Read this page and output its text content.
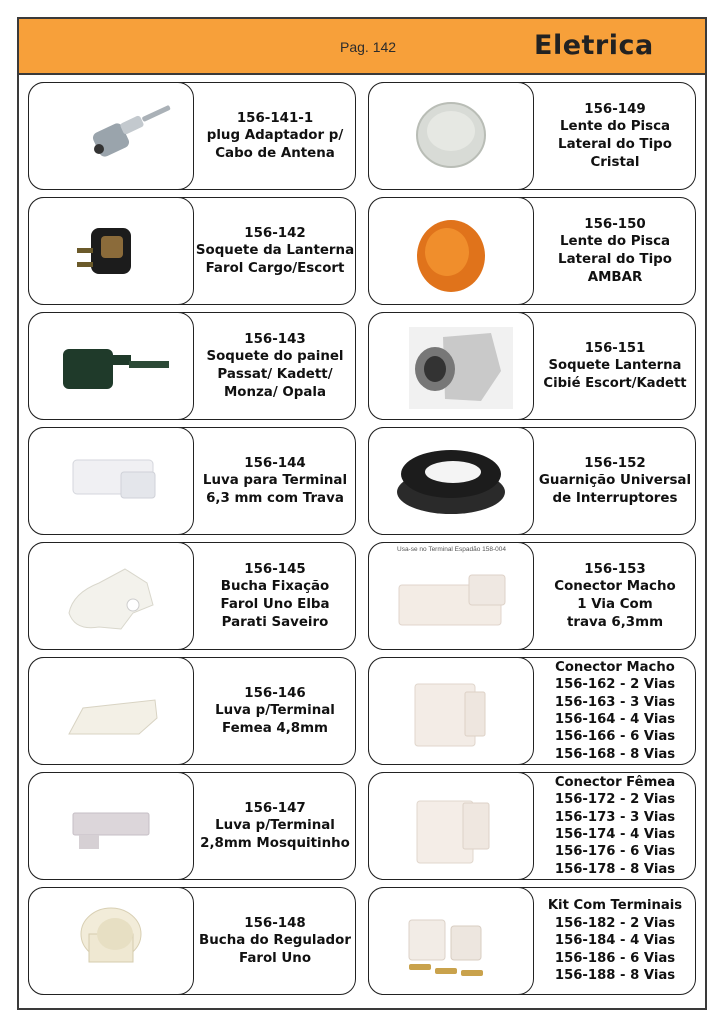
Pag. 142	Eletrica
156-141-1
plug Adaptador p/
Cabo de Antena
156-149
Lente do Pisca
Lateral do Tipo
Cristal
156-142
Soquete da Lanterna
Farol Cargo/Escort
156-150
Lente do Pisca
Lateral do Tipo
AMBAR
156-143
Soquete do painel
Passat/ Kadett/
Monza/ Opala
156-151
Soquete Lanterna
Cibié Escort/Kadett
156-144
Luva para Terminal
6,3 mm com Trava
156-152
Guarnição Universal
de Interruptores
156-145
Bucha Fixação
Farol Uno Elba
Parati Saveiro
Usa-se no Terminal Espadão 158-004
156-153
Conector Macho
1 Via Com
trava 6,3mm
156-146
Luva p/Terminal
Femea 4,8mm
Conector Macho
156-162 - 2 Vias
156-163 - 3 Vias
156-164 - 4 Vias
156-166 - 6 Vias
156-168 - 8 Vias
156-147
Luva p/Terminal
2,8mm Mosquitinho
Conector Fêmea
156-172 - 2 Vias
156-173 - 3 Vias
156-174 - 4 Vias
156-176 - 6 Vias
156-178 - 8 Vias
156-148
Bucha do Regulador
Farol Uno
Kit Com Terminais
156-182 - 2 Vias
156-184 - 4 Vias
156-186 - 6 Vias
156-188 - 8 Vias
